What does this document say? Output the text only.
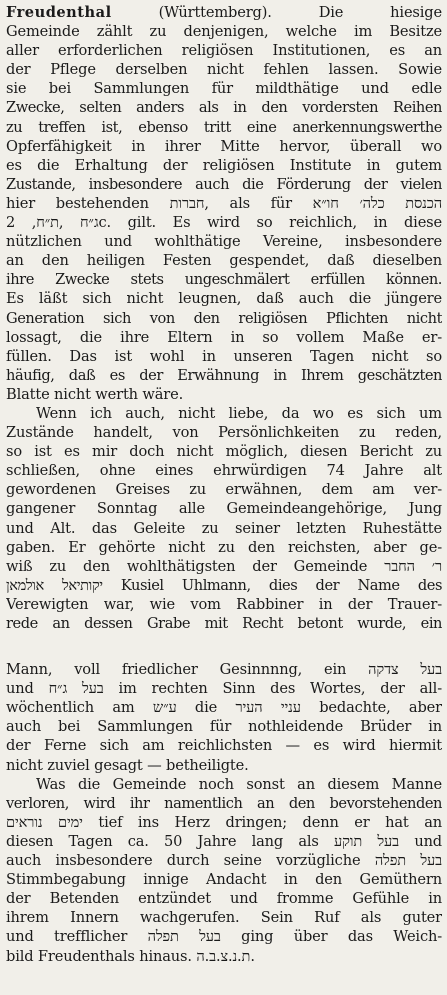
Freudenthal	(Württemberg).	Die hiesige
Gemeinde zählt zu denjenigen, welche im Besitze
aller erforderlichen religiösen Institutionen, es an
der Pflege derselben nicht fehlen lassen. Sowie
sie bei Sammlungen für mildthätige und edle
Zwecke, selten anders als in den vordersten Reihen
zu treffen ist, ebenso tritt eine anerkennungswerthe
Opferfähigkeit in ihrer Mitte hervor, überall wo
es die Erhaltung der religiösen Institute in gutem
Zustande, insbesondere auch die Förderung der vielen
hier bestehenden חברות, als für הכנסת כלה׳ חו״א
ג״ח ,ת״ח, 2c. gilt. Es wird so reichlich, in diese
nützlichen und wohlthätige Vereine, insbesondere
an den heiligen Festen gespendet, daß dieselben
ihre Zwecke stets ungeschmälert erfüllen können.
Es läßt sich nicht leugnen, daß auch die jüngere
Generation sich von den religiösen Pflichten nicht
lossagt, die ihre Eltern in so vollem Maße er-
füllen. Das ist wohl in unseren Tagen nicht so
häufig, daß es der Erwähnung in Ihrem geschätzten
Blatte nicht werth wäre.
Wenn ich auch, nicht liebe, da wo es sich um
Zustände handelt, von Persönlichkeiten zu reden,
so ist es mir doch nicht möglich, diesen Bericht zu
schließen, ohne eines ehrwürdigen 74 Jahre alt
gewordenen Greises zu erwähnen, dem am ver-
gangener Sonntag alle Gemeindeangehörige, Jung
und Alt. das Geleite zu seiner letzten Ruhestätte
gaben. Er gehörte nicht zu den reichsten, aber ge-
wiß zu den wohlthätigsten der Gemeinde ר׳ החבר
יקותיאל אולמאן Kusiel Uhlmann, dies der Name des
Verewigten war, wie vom Rabbiner in der Trauer-
rede an dessen Grabe mit Recht betont wurde, ein
Mann, voll friedlicher Gesinnnng, ein בעל צדקה
und בעל ג״ח im rechten Sinn des Wortes, der all-
wöchentlich am ע״ש die עניי העיר bedachte, aber
auch bei Sammlungen für nothleidende Brüder in
der Ferne sich am reichlichsten — es wird hiermit
nicht zuviel gesagt — betheiligte.
Was die Gemeinde noch sonst an diesem Manne
verloren, wird ihr namentlich an den bevorstehenden
ימים נוראים tief ins Herz dringen; denn er hat an
diesen Tagen ca. 50 Jahre lang als בעל תוקע und
auch insbesondere durch seine vorzügliche בעל תפלה
Stimmbegabung innige Andacht in den Gemüthern
der Betenden entzündet und fromme Gefühle in
ihrem Innern wachgerufen. Sein Ruf als guter
und trefflicher בעל תפלה ging über das Weich-
bild Freudenthals hinaus. ת.נ.צ.ב.ה.
